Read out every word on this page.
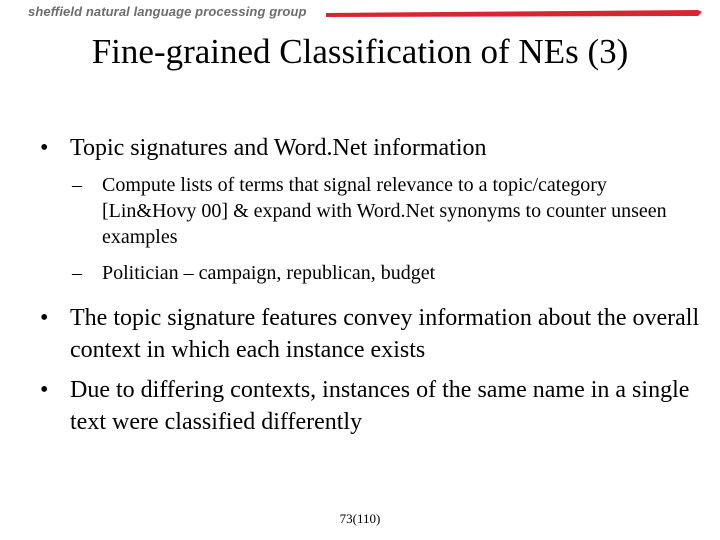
sheffield natural language processing group
Fine-grained Classification of NEs (3)
• Topic signatures and Word.Net information
– Compute lists of terms that signal relevance to a topic/category [Lin&Hovy 00] & expand with Word.Net synonyms to counter unseen examples
– Politician – campaign, republican, budget
• The topic signature features convey information about the overall context in which each instance exists
• Due to differing contexts, instances of the same name in a single text were classified differently
73(110)
